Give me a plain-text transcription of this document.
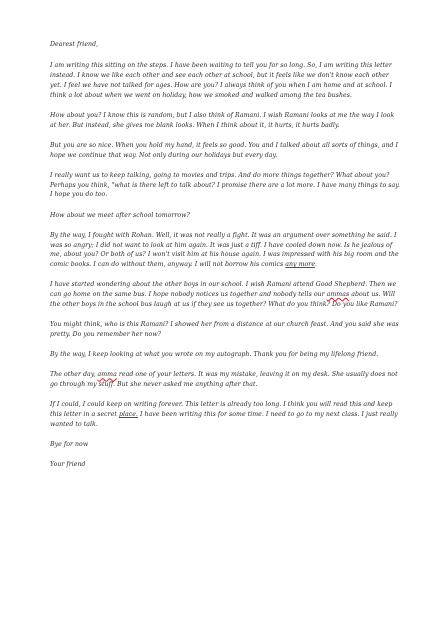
Dearest friend,

I am writing this sitting on the steps. I have been waiting to tell you for so long. So, I am writing this letter instead. I know we like each other and see each other at school, but it feels like we don't know each other yet. I feel we have not talked for ages. How are you? I always think of you when I am home and at school. I think a lot about when we went on holiday, how we smoked and walked among the tea bushes.

How about you? I know this is random, but I also think of Ramani. I wish Ramani looks at me the way I look at her. But instead, she gives me blank looks. When I think about it, it hurts, it hurts badly.

But you are so nice. When you hold my hand, it feels so good. You and I talked about all sorts of things, and I hope we continue that way. Not only during our holidays but every day.

I really want us to keep talking, going to movies and trips. And do more things together? What about you? Perhaps you think, "what is there left to talk about? I promise there are a lot more. I have many things to say. I hope you do too.

How about we meet after school tomorrow?

By the way, I fought with Rohan. Well, it was not really a fight. It was an argument over something he said. I was so angry; I did not want to look at him again. It was just a tiff. I have cooled down now. Is he jealous of me, about you? Or both of us? I won't visit him at his house again. I was impressed with his big room and the comic books. I can do without them, anyway. I will not borrow his comics any more.

I have started wondering about the other boys in our school. I wish Ramani attend Good Shepherd. Then we can go home on the same bus. I hope nobody notices us together and nobody tells our ammas about us. Will the other boys in the school bus laugh at us if they see us together? What do you think? Do you like Ramani?

You might think, who is this Ramani? I showed her from a distance at our church feast. And you said she was pretty. Do you remember her now?

By the way, I keep looking at what you wrote on my autograph. Thank you for being my lifelong friend.

The other day, amma read one of your letters. It was my mistake, leaving it on my desk. She usually does not go through my stuff. But she never asked me anything after that.

If I could, I could keep on writing forever. This letter is already too long. I think you will read this and keep this letter in a secret place. I have been writing this for some time. I need to go to my next class. I just really wanted to talk.

Bye for now

Your friend
